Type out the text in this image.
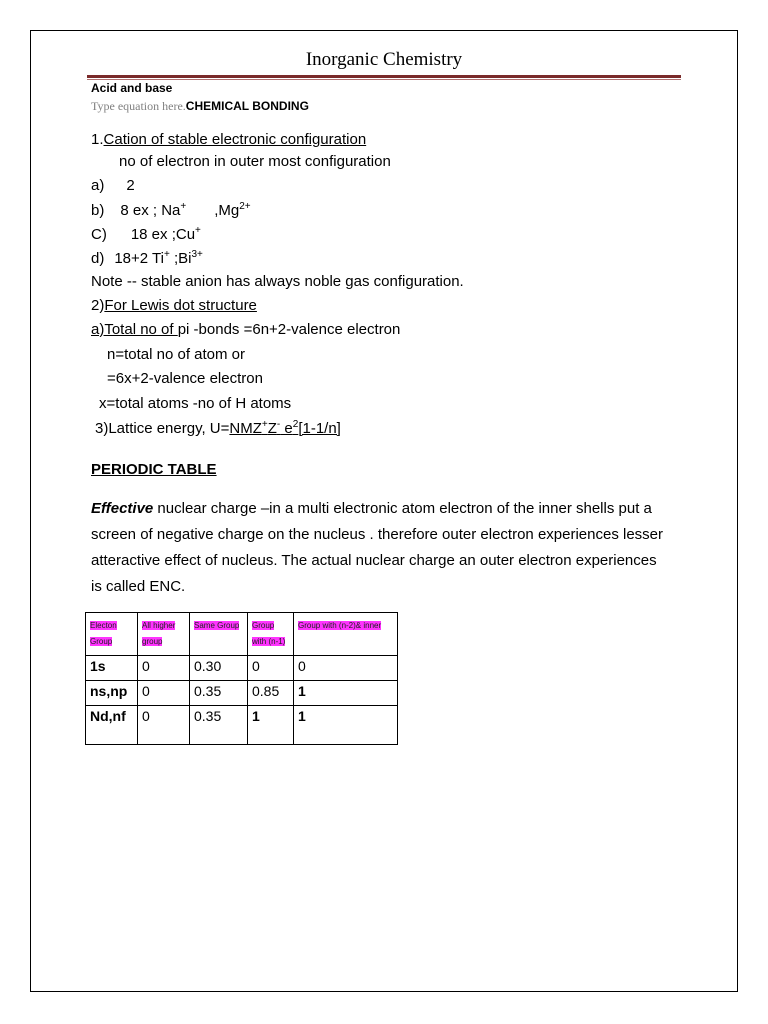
Inorganic Chemistry
Acid and base
Type equation here.CHEMICAL BONDING
1.Cation of stable electronic configuration
no of electron in outer most configuration
a) 2
b) 8 ex ; Na+ $,Mg^{2+}$
C) 18 ex ;Cu+
d) 18+2 Ti+ $;Bi^{3+}$
Note -- stable anion has always noble gas configuration.
2)For Lewis dot structure
a)Total no of pi -bonds =6n+2-valence electron
n=total no of atom or
=6x+2-valence electron
x=total atoms -no of H atoms
3)Lattice energy, U=NMZ+Z- $e^2[1-1/n]$
PERIODIC TABLE
Effective nuclear charge –in a multi electronic atom electron of the inner shells put a screen of negative charge on the nucleus . therefore outer electron experiences lesser atteractive effect of nucleus. The actual nuclear charge an outer electron experiences is called ENC.
Electon Group	All higher group	Same Group	Group with (n-1)	Group with (n-2)& inner
1s	0	0.30	0	0
ns,np	0	0.35	0.85	1
Nd,nf	0	0.35	1	1
